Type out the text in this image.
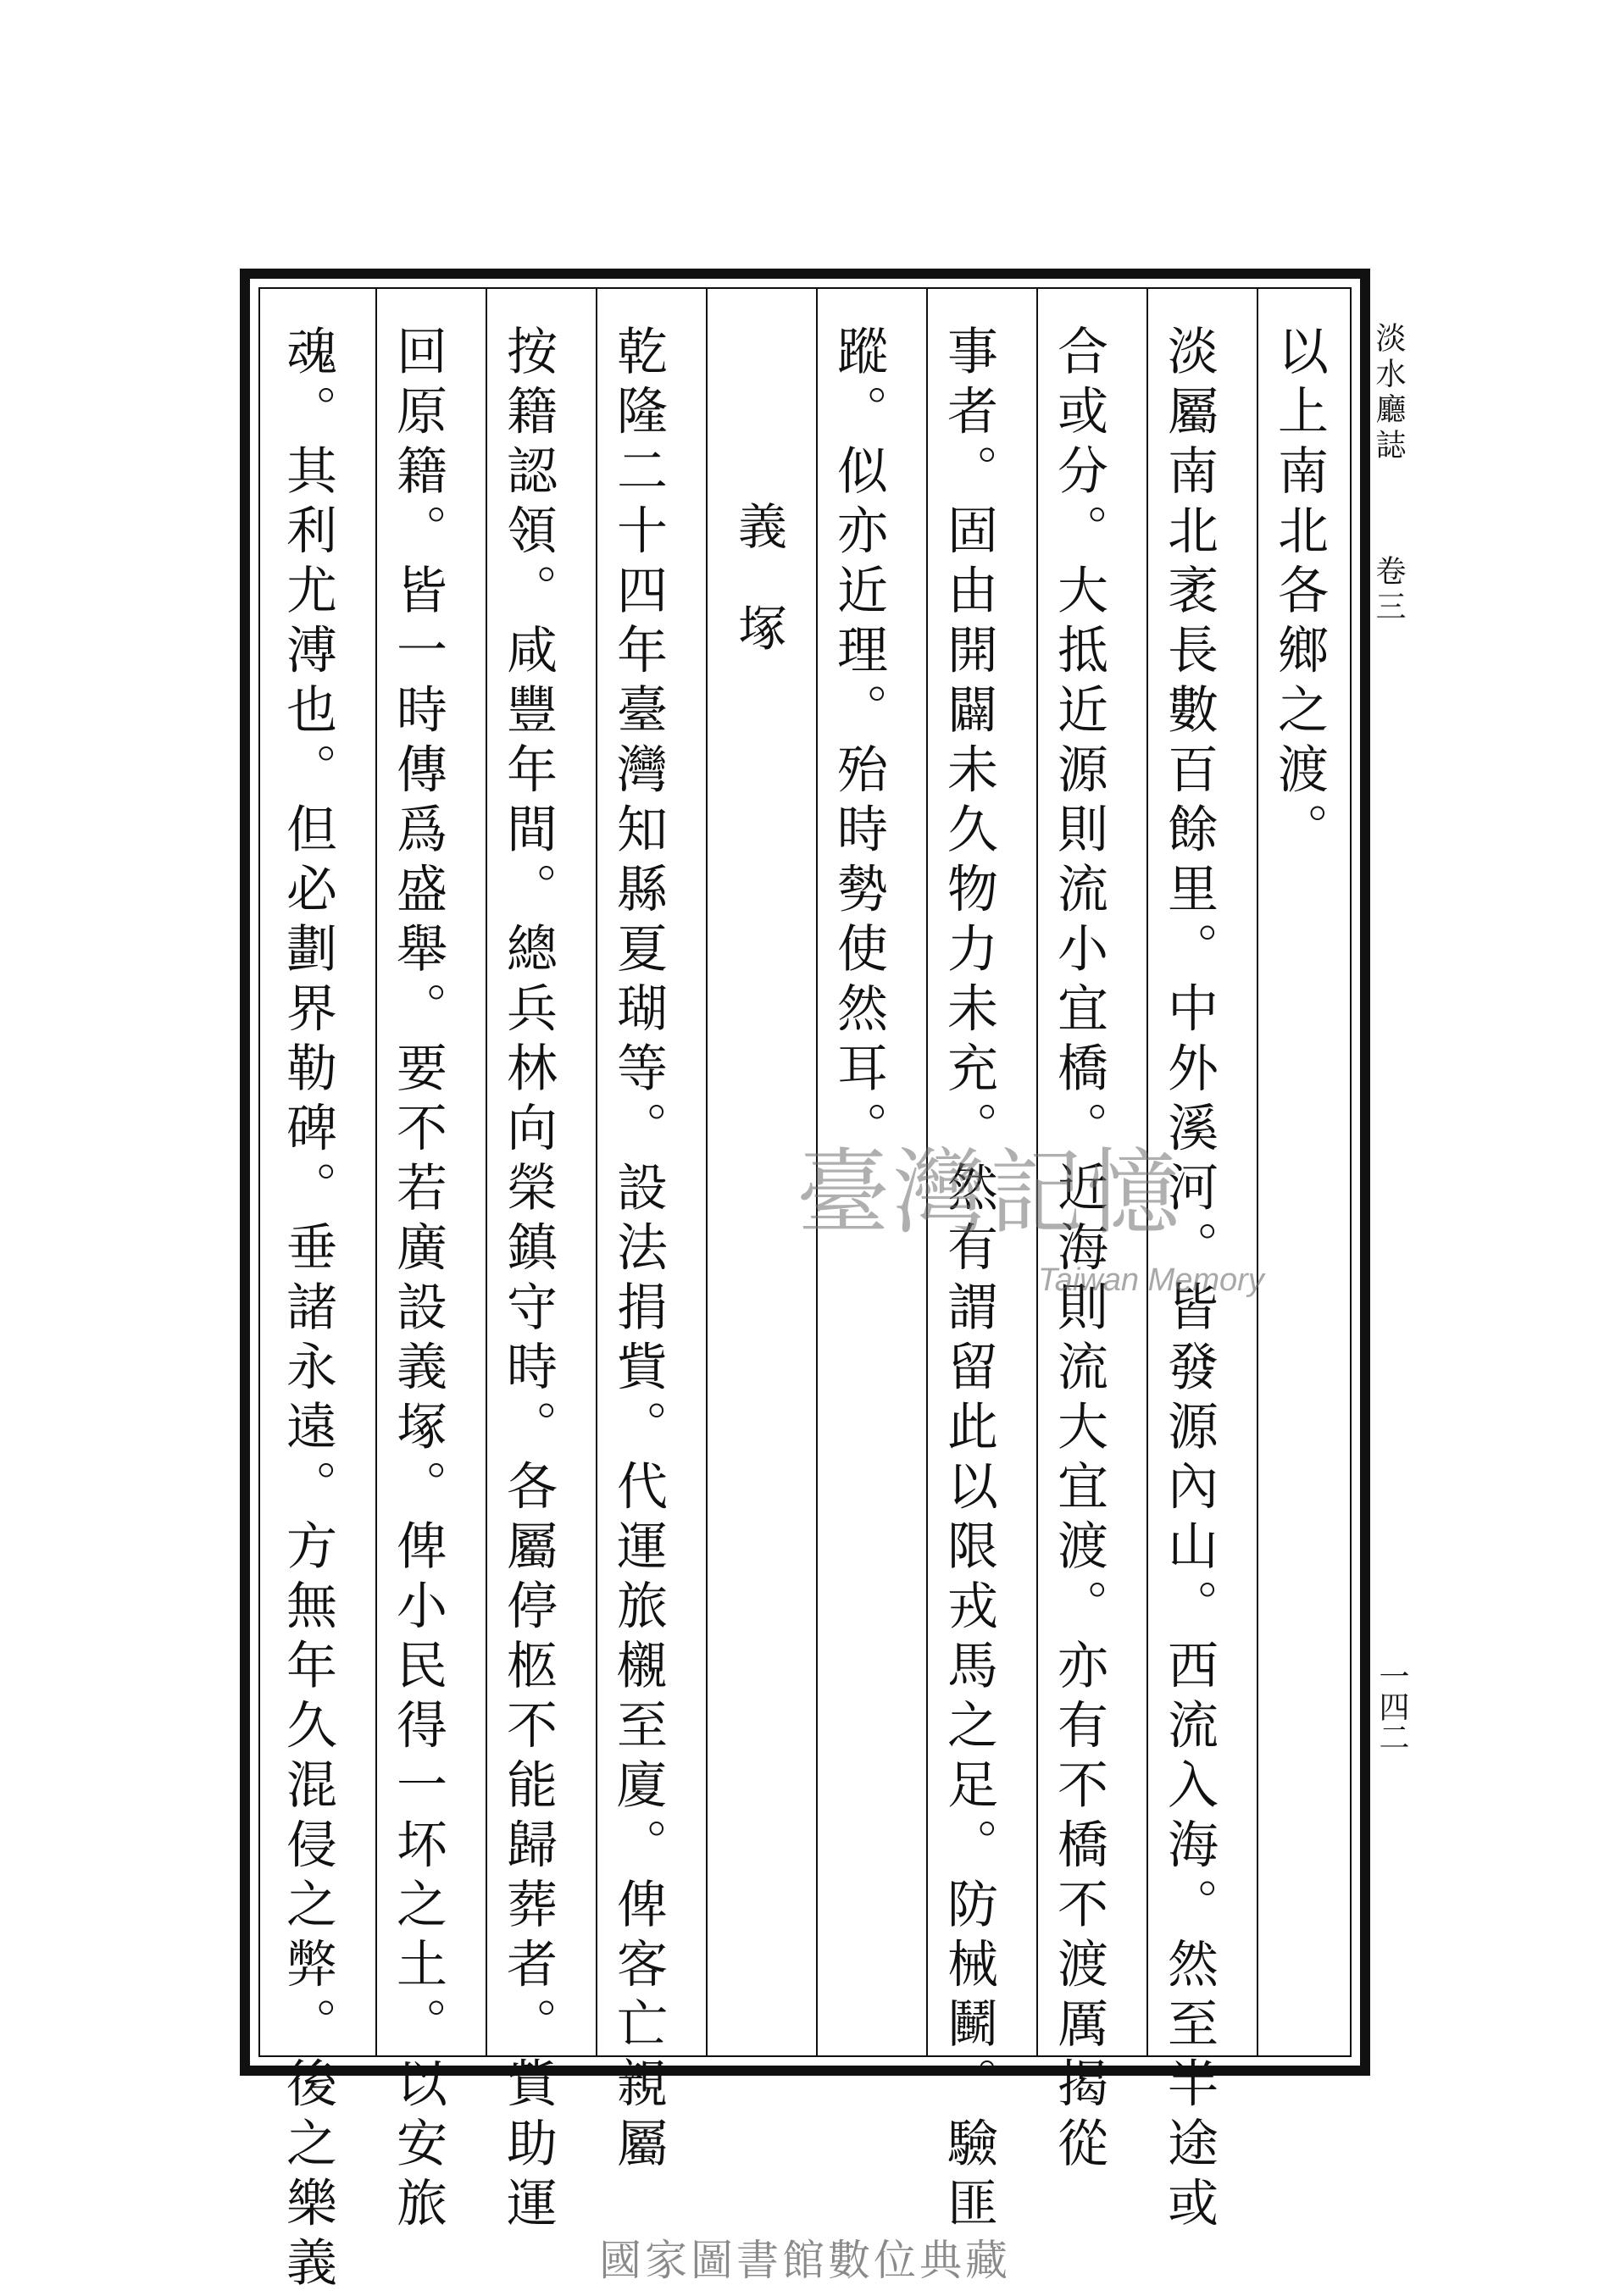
淡水廳誌 卷三
一四二
以上南北各鄉之渡。
淡屬南北袤長數百餘里。中外溪河。皆發源內山。西流入海。然至半途或
合或分。大抵近源則流小宜橋。近海則流大宜渡。亦有不橋不渡厲揭從
事者。固由開闢未久物力未充。然有謂留此以限戎馬之足。防械鬭。驗匪
蹤。似亦近理。殆時勢使然耳。
義塚
乾隆二十四年臺灣知縣夏瑚等。設法捐貲。代運旅櫬至廈。俾客亡親屬
按籍認領。咸豐年間。總兵林向榮鎮守時。各屬停柩不能歸葬者。貲助運
回原籍。皆一時傳爲盛舉。要不若廣設義塚。俾小民得一坏之土。以安旅
魂。其利尤溥也。但必劃界勒碑。垂諸永遠。方無年久混侵之弊。後之樂義	臺灣記憶
Taiwan Memory
國家圖書館數位典藏
